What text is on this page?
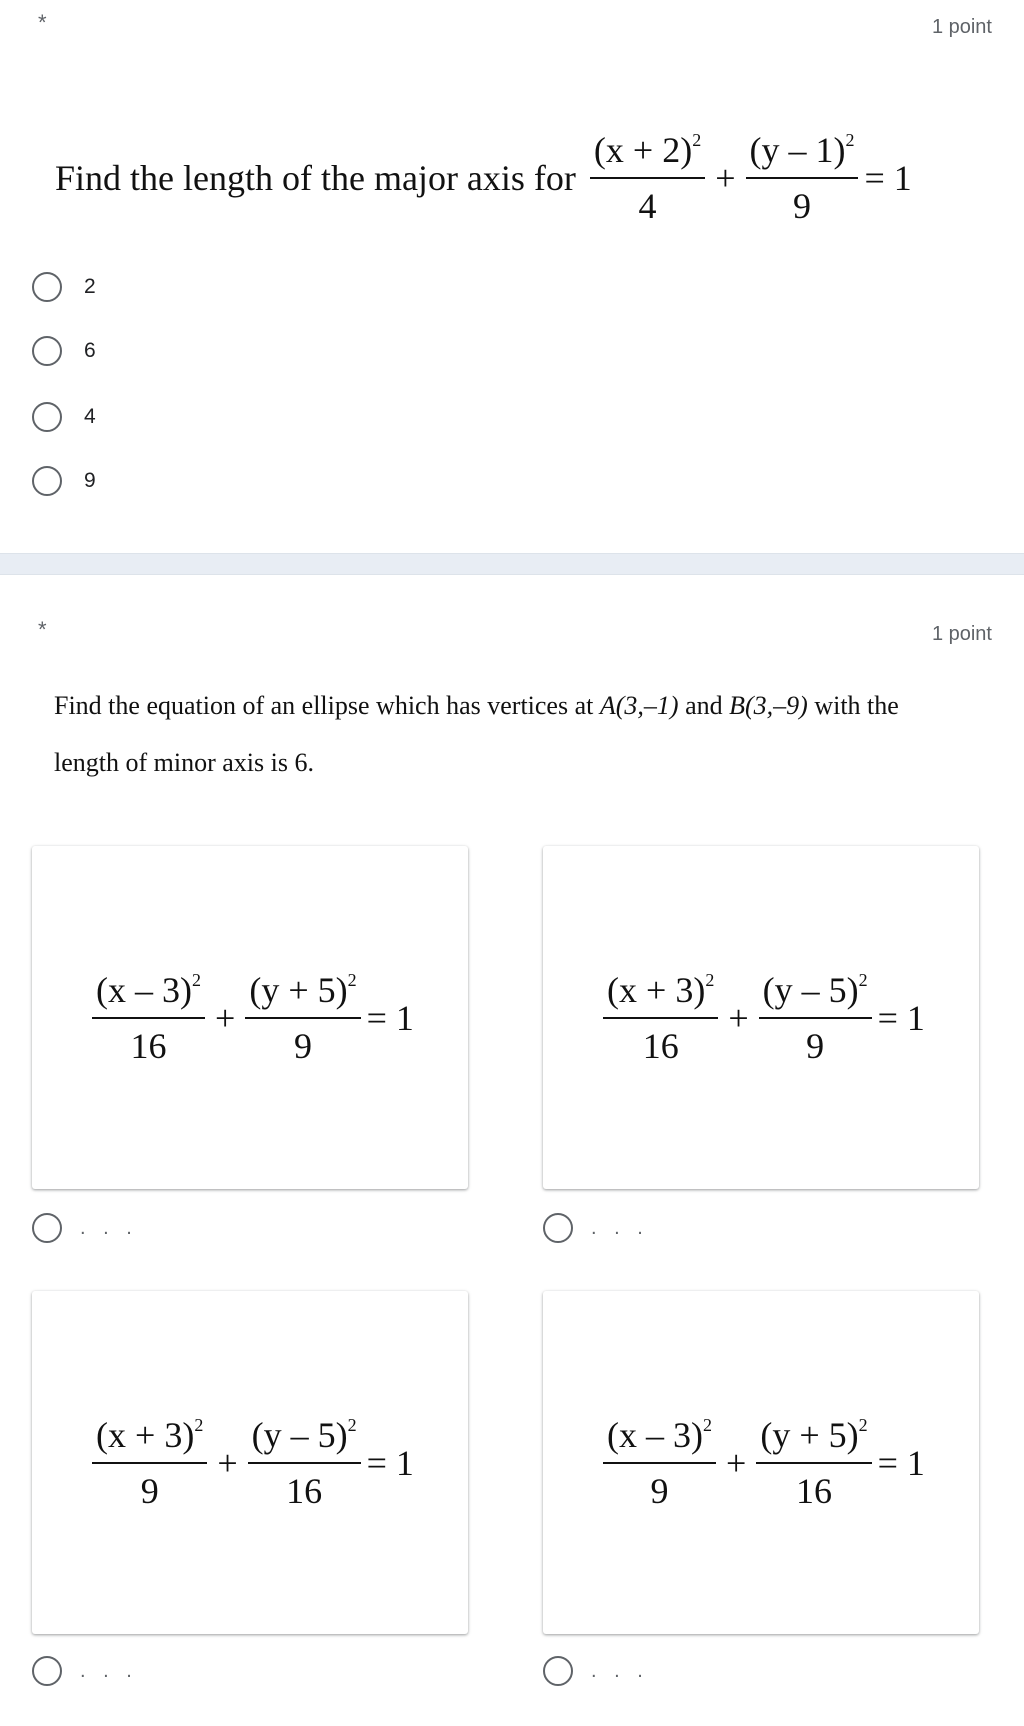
*	1 point
Find the length of the major axis for $\frac{(x + 2)^2}{4} + \frac{(y - 1)^2}{9} = 1$
2
6
4
9
*	1 point
Find the equation of an ellipse which has vertices at A(3,–1) and B(3,–9) with the
length of minor axis is 6.
$\frac{(x - 3)^2}{16} + \frac{(y + 5)^2}{9} = 1$
. . .
$\frac{(x + 3)^2}{16} + \frac{(y - 5)^2}{9} = 1$
. . .
$\frac{(x + 3)^2}{9} + \frac{(y - 5)^2}{16} = 1$
. . .
$\frac{(x - 3)^2}{9} + \frac{(y + 5)^2}{16} = 1$
. . .
